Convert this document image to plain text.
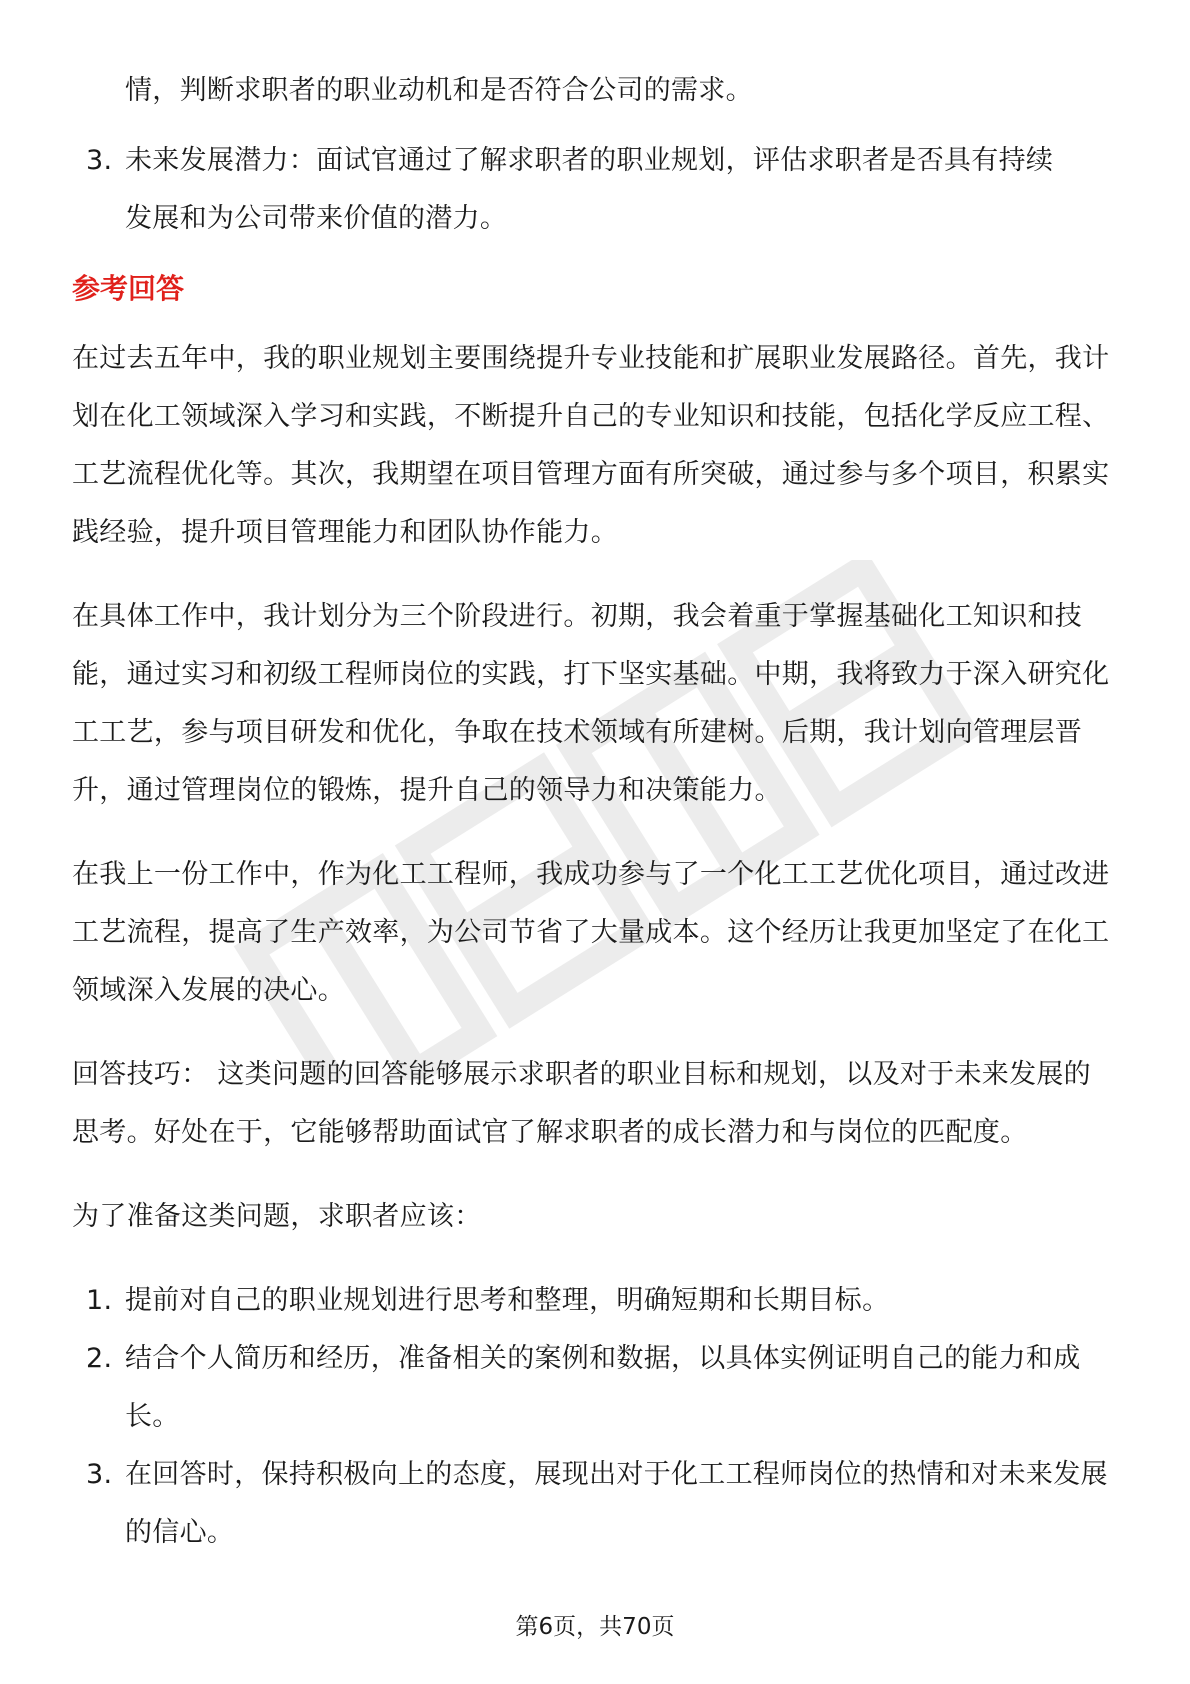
情，判断求职者的职业动机和是否符合公司的需求。

3. 未来发展潜力：面试官通过了解求职者的职业规划，评估求职者是否具有持续
发展和为公司带来价值的潜力。
参考回答

在过去五年中，我的职业规划主要围绕提升专业技能和扩展职业发展路径。首先，我计划在化工领域深入学习和实践，不断提升自己的专业知识和技能，包括化学反应工程、工艺流程优化等。其次，我期望在项目管理方面有所突破，通过参与多个项目，积累实践经验，提升项目管理能力和团队协作能力。

在具体工作中，我计划分为三个阶段进行。初期，我会着重于掌握基础化工知识和技能，通过实习和初级工程师岗位的实践，打下坚实基础。中期，我将致力于深入研究化工工艺，参与项目研发和优化，争取在技术领域有所建树。后期，我计划向管理层晋升，通过管理岗位的锻炼，提升自己的领导力和决策能力。

在我上一份工作中，作为化工工程师，我成功参与了一个化工工艺优化项目，通过改进工艺流程，提高了生产效率，为公司节省了大量成本。这个经历让我更加坚定了在化工领域深入发展的决心。

回答技巧： 这类问题的回答能够展示求职者的职业目标和规划，以及对于未来发展的思考。好处在于，它能够帮助面试官了解求职者的成长潜力和与岗位的匹配度。

为了准备这类问题，求职者应该：

1. 提前对自己的职业规划进行思考和整理，明确短期和长期目标。
2. 结合个人简历和经历，准备相关的案例和数据，以具体实例证明自己的能力和成长。
3. 在回答时，保持积极向上的态度，展现出对于化工工程师岗位的热情和对未来发展的信心。
第6页，共70页
